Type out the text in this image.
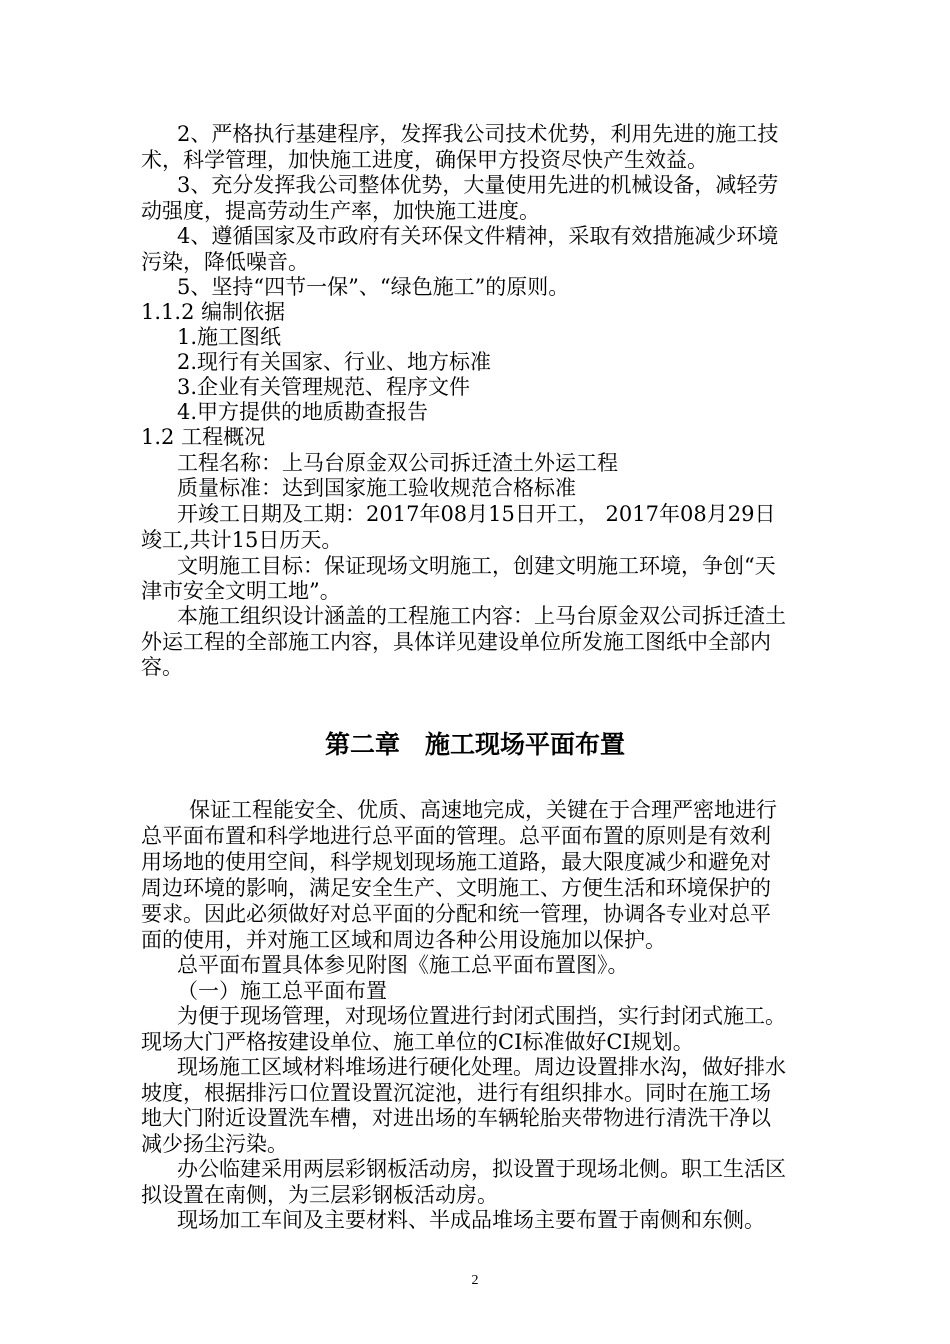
2、严格执行基建程序，发挥我公司技术优势，利用先进的施工技
术，科学管理，加快施工进度，确保甲方投资尽快产生效益。
3、充分发挥我公司整体优势，大量使用先进的机械设备，减轻劳
动强度，提高劳动生产率，加快施工进度。
4、遵循国家及市政府有关环保文件精神，采取有效措施减少环境
污染，降低噪音。
5、坚持“四节一保”、“绿色施工”的原则。
1.1.2 编制依据
1.施工图纸
2.现行有关国家、行业、地方标准
3.企业有关管理规范、程序文件
4.甲方提供的地质勘查报告
1.2 工程概况
工程名称：上马台原金双公司拆迁渣土外运工程
质量标准：达到国家施工验收规范合格标准
开竣工日期及工期：2017年08月15日开工， 2017年08月29日
竣工,共计15日历天。
文明施工目标：保证现场文明施工，创建文明施工环境，争创“天
津市安全文明工地”。
本施工组织设计涵盖的工程施工内容：上马台原金双公司拆迁渣土
外运工程的全部施工内容，具体详见建设单位所发施工图纸中全部内
容。
第二章　施工现场平面布置
保证工程能安全、优质、高速地完成，关键在于合理严密地进行
总平面布置和科学地进行总平面的管理。总平面布置的原则是有效利
用场地的使用空间，科学规划现场施工道路，最大限度减少和避免对
周边环境的影响，满足安全生产、文明施工、方便生活和环境保护的
要求。因此必须做好对总平面的分配和统一管理，协调各专业对总平
面的使用，并对施工区域和周边各种公用设施加以保护。
总平面布置具体参见附图《施工总平面布置图》。
（一）施工总平面布置
为便于现场管理，对现场位置进行封闭式围挡，实行封闭式施工。
现场大门严格按建设单位、施工单位的CI标准做好CI规划。
现场施工区域材料堆场进行硬化处理。周边设置排水沟，做好排水
坡度，根据排污口位置设置沉淀池，进行有组织排水。同时在施工场
地大门附近设置洗车槽，对进出场的车辆轮胎夹带物进行清洗干净以
减少扬尘污染。
办公临建采用两层彩钢板活动房，拟设置于现场北侧。职工生活区
拟设置在南侧，为三层彩钢板活动房。
现场加工车间及主要材料、半成品堆场主要布置于南侧和东侧。
2
